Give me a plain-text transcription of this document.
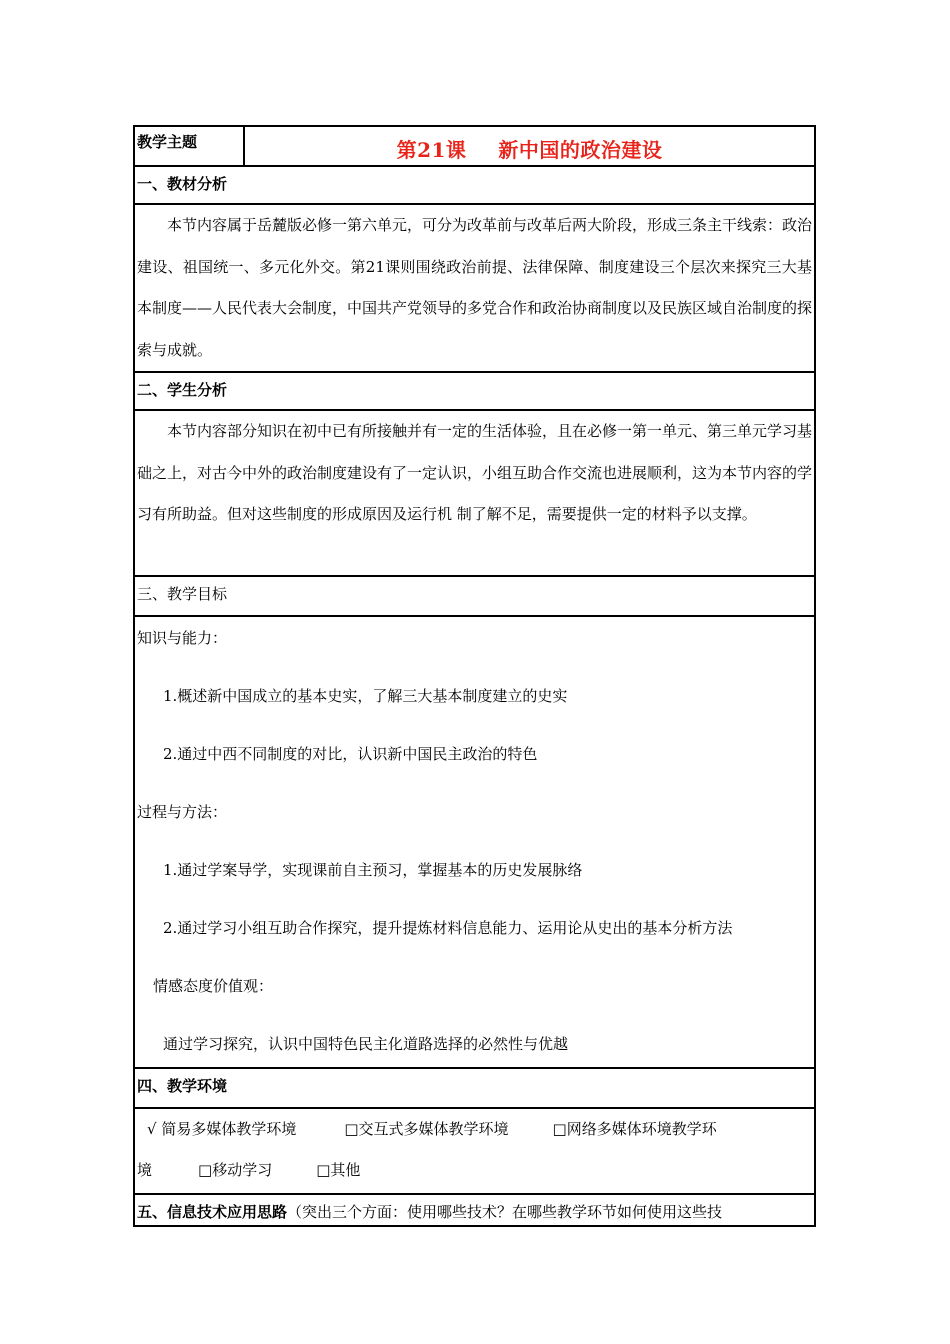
教学主题	第21课 新中国的政治建设

一、教材分析

本节内容属于岳麓版必修一第六单元，可分为改革前与改革后两大阶段，形成三条主干线索：政治建设、祖国统一、多元化外交。第21课则围绕政治前提、法律保障、制度建设三个层次来探究三大基本制度——人民代表大会制度，中国共产党领导的多党合作和政治协商制度以及民族区域自治制度的探索与成就。

二、学生分析

本节内容部分知识在初中已有所接触并有一定的生活体验，且在必修一第一单元、第三单元学习基础之上，对古今中外的政治制度建设有了一定认识，小组互助合作交流也进展顺利，这为本节内容的学习有所助益。但对这些制度的形成原因及运行机 制了解不足，需要提供一定的材料予以支撑。

三、教学目标

知识与能力：

1.概述新中国成立的基本史实，了解三大基本制度建立的史实

2.通过中西不同制度的对比，认识新中国民主政治的特色

过程与方法：

1.通过学案导学，实现课前自主预习，掌握基本的历史发展脉络

2.通过学习小组互助合作探究，提升提炼材料信息能力、运用论从史出的基本分析方法

情感态度价值观：

通过学习探究，认识中国特色民主化道路选择的必然性与优越

四、教学环境

√ 简易多媒体教学环境	□交互式多媒体教学环境	□网络多媒体环境教学环
境	□移动学习	□其他

五、信息技术应用思路（突出三个方面：使用哪些技术？在哪些教学环节如何使用这些技
